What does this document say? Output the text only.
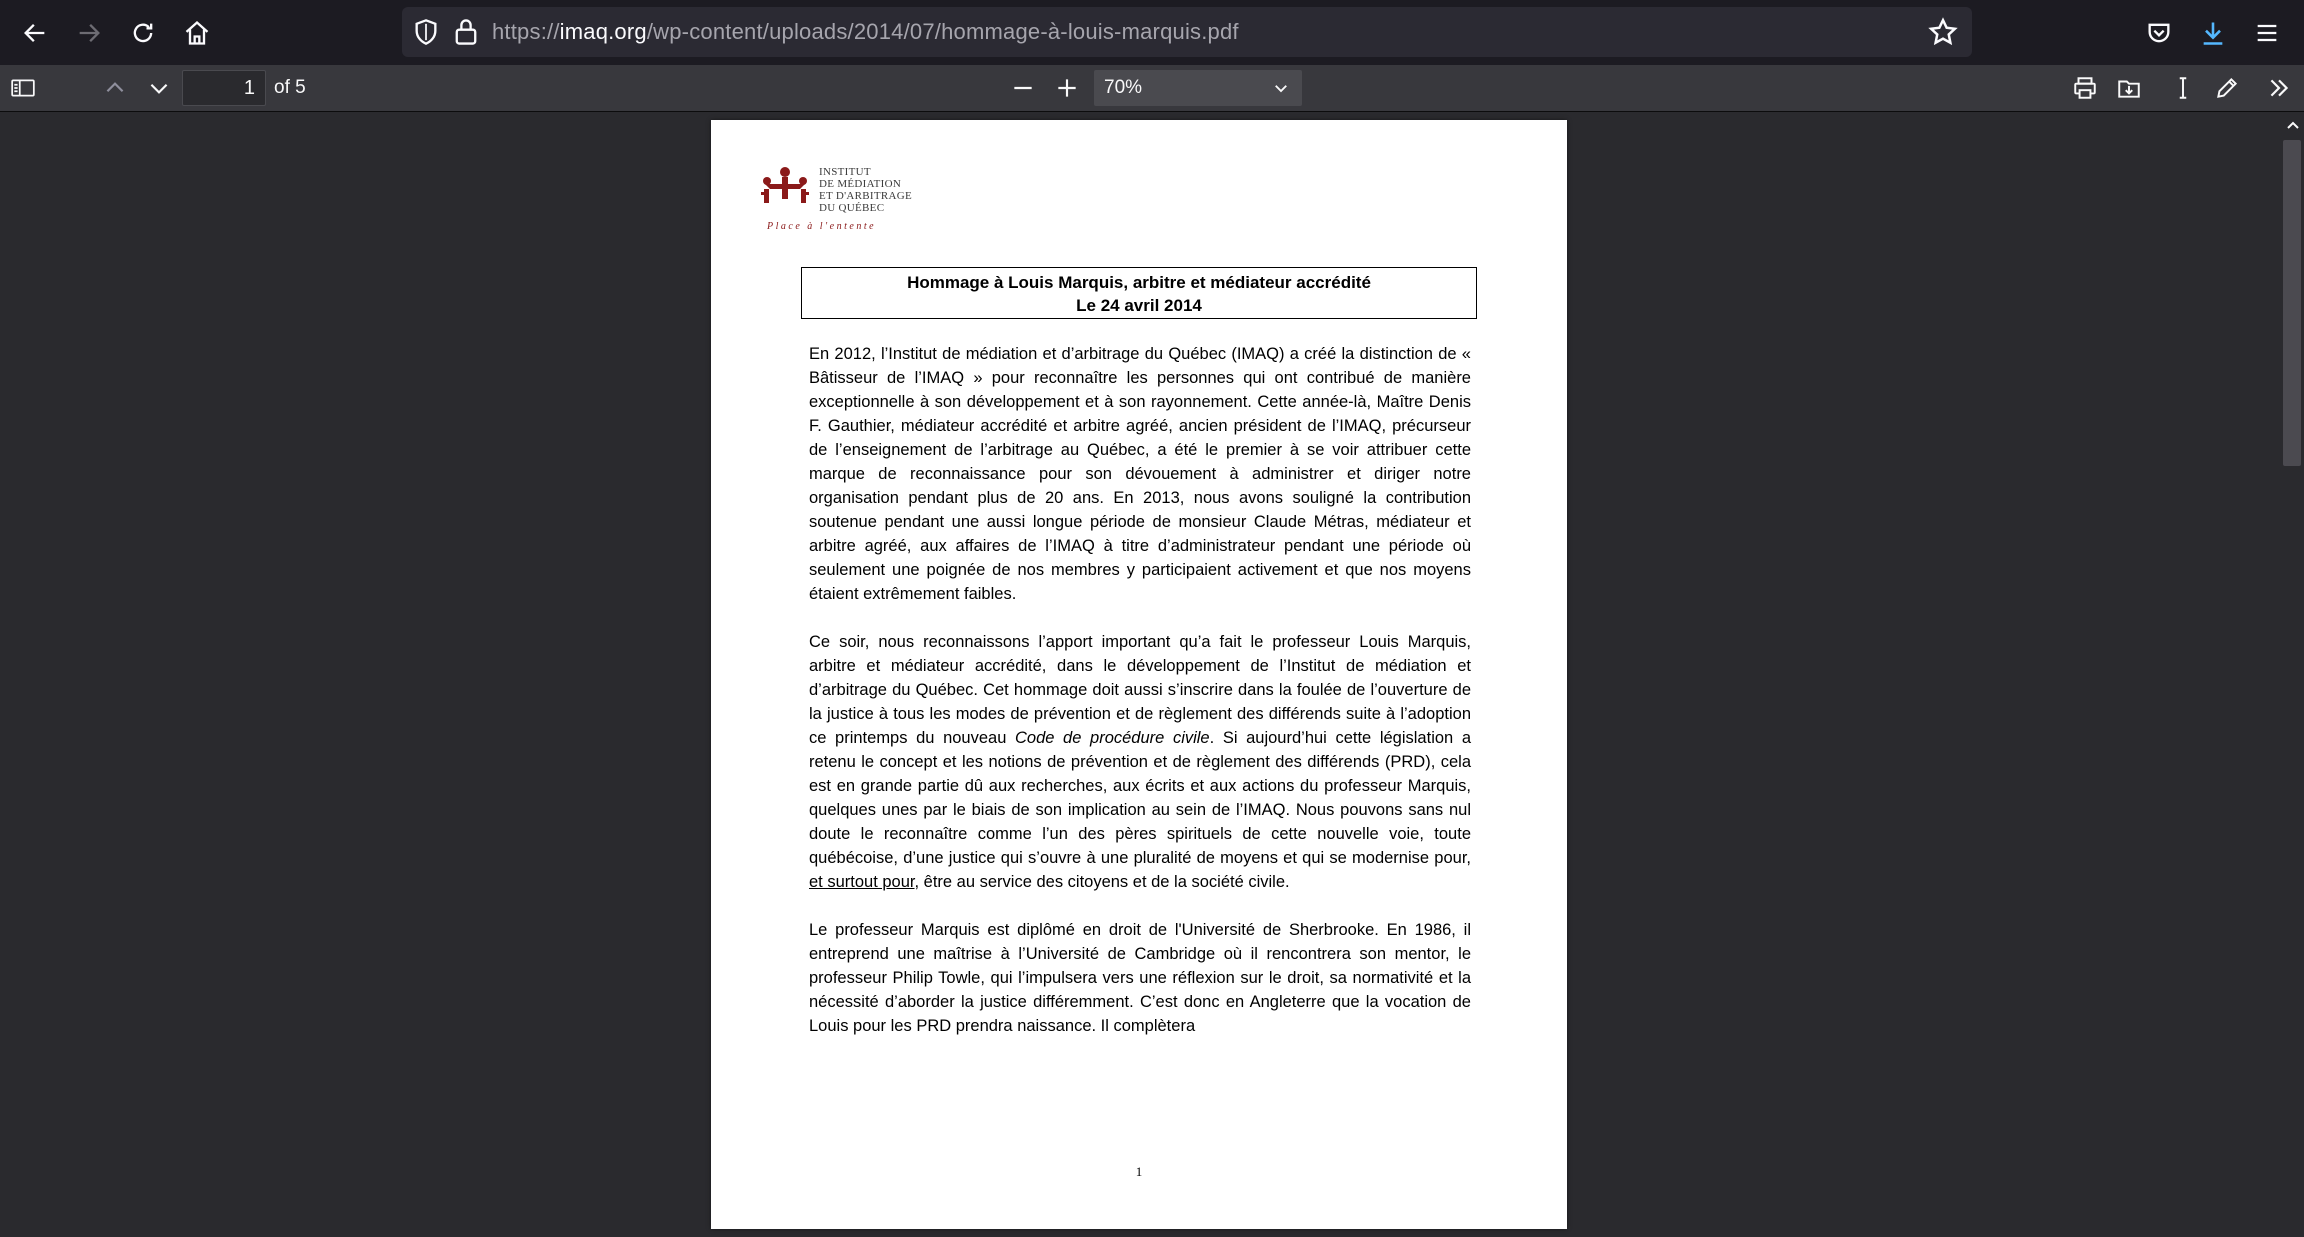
https://imaq.org/wp-content/uploads/2014/07/hommage-à-louis-marquis.pdf
1	of 5	70%
INSTITUT
DE MÉDIATION
ET D'ARBITRAGE
DU QUÉBEC
Place à l'entente
Hommage à Louis Marquis, arbitre et médiateur accrédité
Le 24 avril 2014

En 2012, l’Institut de médiation et d’arbitrage du Québec (IMAQ) a créé la distinction de « Bâtisseur de l’IMAQ » pour reconnaître les personnes qui ont contribué de manière exceptionnelle à son développement et à son rayonnement. Cette année-là, Maître Denis F. Gauthier, médiateur accrédité et arbitre agréé, ancien président de l’IMAQ, précurseur de l’enseignement de l’arbitrage au Québec, a été le premier à se voir attribuer cette marque de reconnaissance pour son dévouement à administrer et diriger notre organisation pendant plus de 20 ans. En 2013, nous avons souligné la contribution soutenue pendant une aussi longue période de monsieur Claude Métras, médiateur et arbitre agréé, aux affaires de l’IMAQ à titre d’administrateur pendant une période où seulement une poignée de nos membres y participaient activement et que nos moyens étaient extrêmement faibles.

Ce soir, nous reconnaissons l’apport important qu’a fait le professeur Louis Marquis, arbitre et médiateur accrédité, dans le développement de l’Institut de médiation et d’arbitrage du Québec. Cet hommage doit aussi s’inscrire dans la foulée de l’ouverture de la justice à tous les modes de prévention et de règlement des différends suite à l’adoption ce printemps du nouveau Code de procédure civile. Si aujourd’hui cette législation a retenu le concept et les notions de prévention et de règlement des différends (PRD), cela est en grande partie dû aux recherches, aux écrits et aux actions du professeur Marquis, quelques unes par le biais de son implication au sein de l’IMAQ. Nous pouvons sans nul doute le reconnaître comme l’un des pères spirituels de cette nouvelle voie, toute québécoise, d’une justice qui s’ouvre à une pluralité de moyens et qui se modernise pour, et surtout pour, être au service des citoyens et de la société civile.

Le professeur Marquis est diplômé en droit de l'Université de Sherbrooke. En 1986, il entreprend une maîtrise à l’Université de Cambridge où il rencontrera son mentor, le professeur Philip Towle, qui l’impulsera vers une réflexion sur le droit, sa normativité et la nécessité d’aborder la justice différemment. C’est donc en Angleterre que la vocation de Louis pour les PRD prendra naissance. Il complètera

1
